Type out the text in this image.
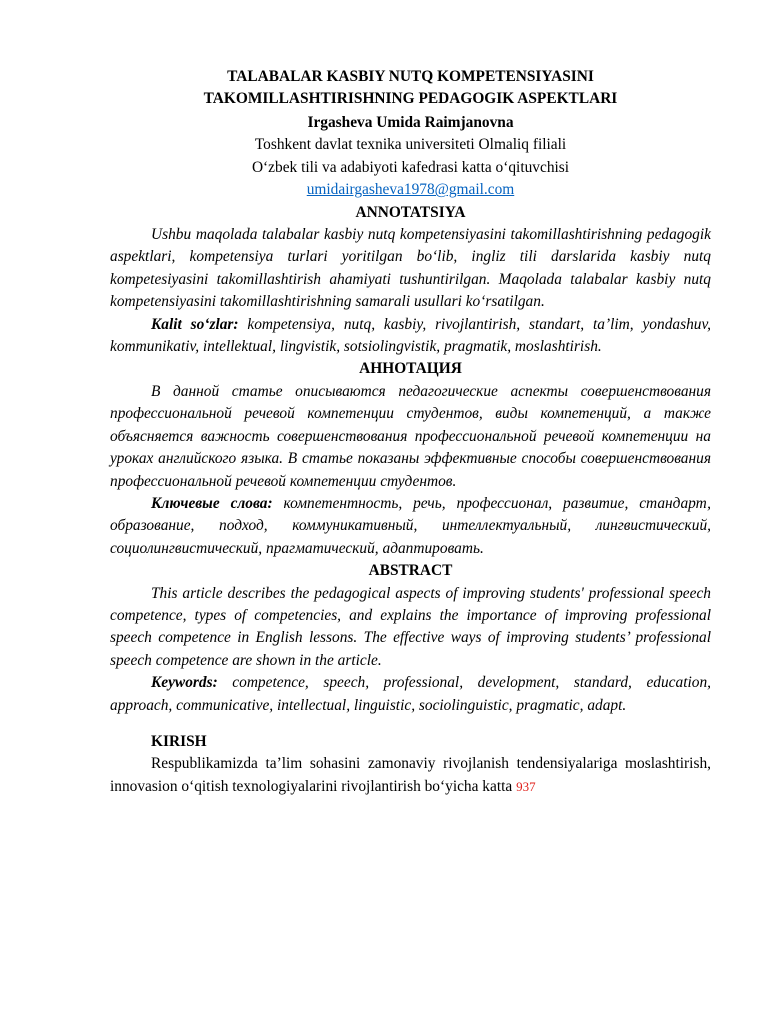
TALABALAR KASBIY NUTQ KOMPETENSIYASINI

TAKOMILLASHTIRISHNING PEDAGOGIK ASPEKTLARI

Irgasheva Umida Raimjanovna

Toshkent davlat texnika universiteti Olmaliq filiali

O‘zbek tili va adabiyoti kafedrasi katta o‘qituvchisi

umidairgasheva1978@gmail.com

ANNOTATSIYA

Ushbu maqolada talabalar kasbiy nutq kompetensiyasini takomillashtirishning pedagogik aspektlari, kompetensiya turlari yoritilgan bo‘lib, ingliz tili darslarida kasbiy nutq kompetesiyasini takomillashtirish ahamiyati tushuntirilgan. Maqolada talabalar kasbiy nutq kompetensiyasini takomillashtirishning samarali usullari ko‘rsatilgan.

Kalit so‘zlar: kompetensiya, nutq, kasbiy, rivojlantirish, standart, ta’lim, yondashuv, kommunikativ, intellektual, lingvistik, sotsiolingvistik, pragmatik, moslashtirish.

АННОТАЦИЯ

В данной статье описываются педагогические аспекты совершенствования профессиональной речевой компетенции студентов, виды компетенций, а также объясняется важность совершенствования профессиональной речевой компетенции на уроках английского языка. В статье показаны эффективные способы совершенствования профессиональной речевой компетенции студентов.

Ключевые слова: компетентность, речь, профессионал, развитие, стандарт, образование, подход, коммуникативный, интеллектуальный, лингвистический, социолингвистический, прагматический, адаптировать.

ABSTRACT

This article describes the pedagogical aspects of improving students' professional speech competence, types of competencies, and explains the importance of improving professional speech competence in English lessons. The effective ways of improving students’ professional speech competence are shown in the article.

Keywords: competence, speech, professional, development, standard, education, approach, communicative, intellectual, linguistic, sociolinguistic, pragmatic, adapt.

KIRISH

Respublikamizda ta’lim sohasini zamonaviy rivojlanish tendensiyalariga moslashtirish, innovasion o‘qitish texnologiyalarini rivojlantirish bo‘yicha katta 937
